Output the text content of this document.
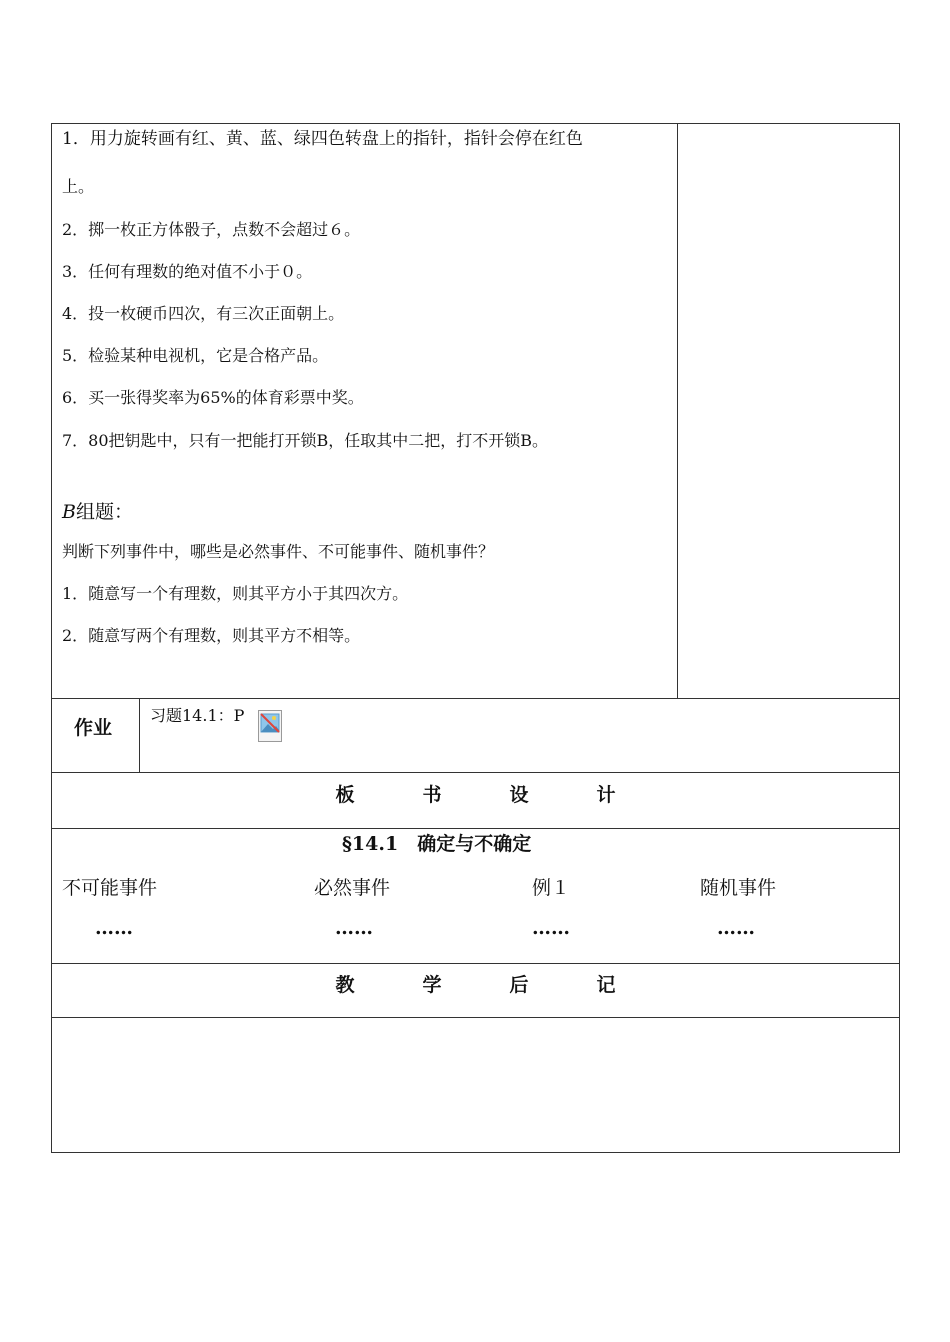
1．用力旋转画有红、黄、蓝、绿四色转盘上的指针，指针会停在红色
上。
2．掷一枚正方体骰子，点数不会超过６。
3．任何有理数的绝对值不小于０。
4．投一枚硬币四次，有三次正面朝上。
5．检验某种电视机，它是合格产品。
6．买一张得奖率为65%的体育彩票中奖。
7．80把钥匙中，只有一把能打开锁B，任取其中二把，打不开锁B。
B组题：
判断下列事件中，哪些是必然事件、不可能事件、随机事件？
1．随意写一个有理数，则其平方小于其四次方。
2．随意写两个有理数，则其平方不相等。
作业
习题14.1：P
板	书	设	计
§14.1　确定与不确定
不可能事件	必然事件	例１	随机事件
……	……	……	……
教	学	后	记
